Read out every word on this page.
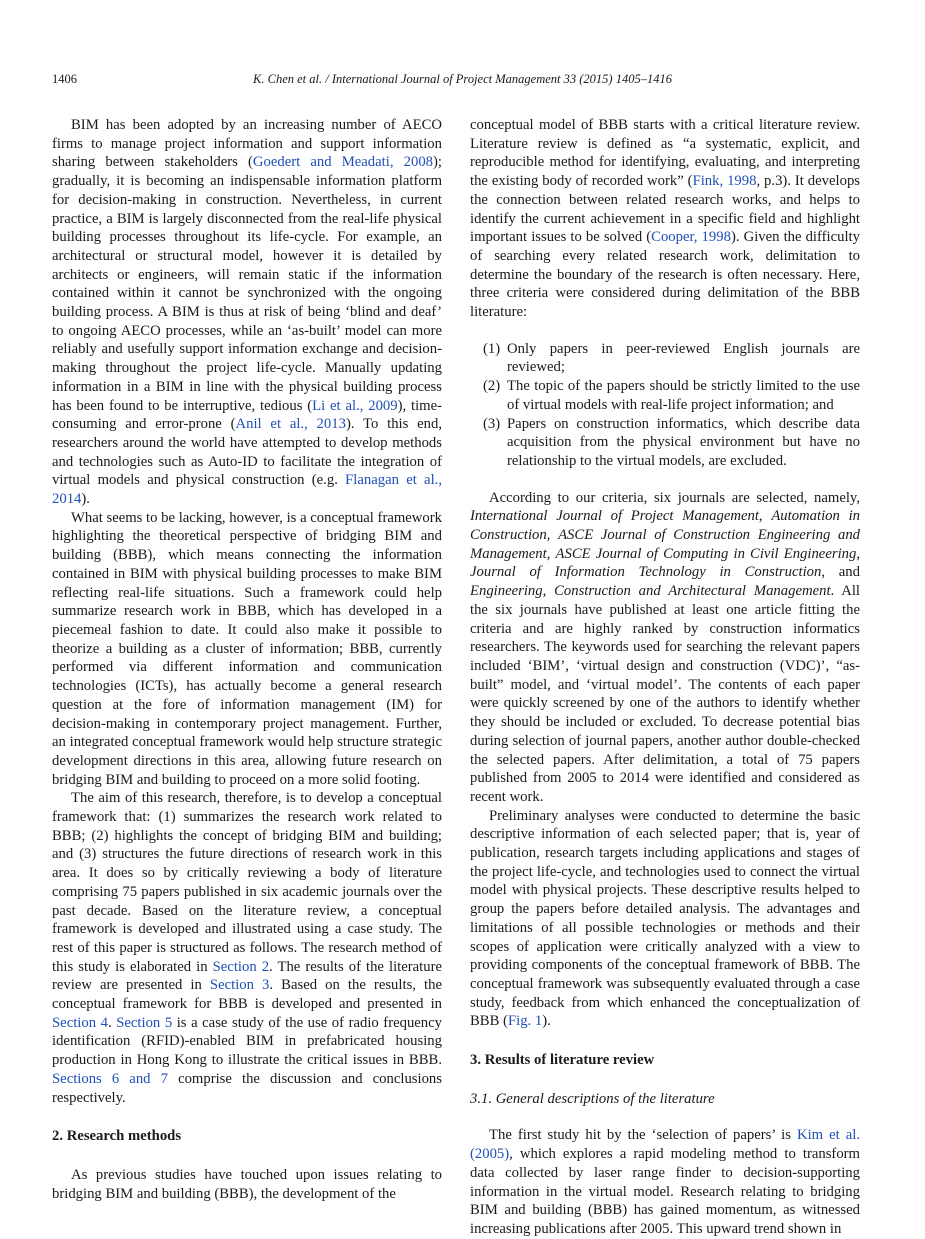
1406	K. Chen et al. / International Journal of Project Management 33 (2015) 1405–1416

BIM has been adopted by an increasing number of AECO firms to manage project information and support information sharing between stakeholders (Goedert and Meadati, 2008); gradually, it is becoming an indispensable information platform for decision-making in construction. Nevertheless, in current practice, a BIM is largely disconnected from the real-life physical building processes throughout its life-cycle. For example, an architectural or structural model, however it is detailed by architects or engineers, will remain static if the information contained within it cannot be synchronized with the ongoing building process. A BIM is thus at risk of being ‘blind and deaf’ to ongoing AECO processes, while an ‘as-built’ model can more reliably and usefully support information exchange and decision-making throughout the project life-cycle. Manually updating information in a BIM in line with the physical building process has been found to be interruptive, tedious (Li et al., 2009), time-consuming and error-prone (Anil et al., 2013). To this end, researchers around the world have attempted to develop methods and technologies such as Auto-ID to facilitate the integration of virtual models and physical construction (e.g. Flanagan et al., 2014).

What seems to be lacking, however, is a conceptual framework highlighting the theoretical perspective of bridging BIM and building (BBB), which means connecting the information contained in BIM with physical building processes to make BIM reflecting real-life situations. Such a framework could help summarize research work in BBB, which has developed in a piecemeal fashion to date. It could also make it possible to theorize a building as a cluster of information; BBB, currently performed via different information and communication technologies (ICTs), has actually become a general research question at the fore of information management (IM) for decision-making in contemporary project management. Further, an integrated conceptual framework would help structure strategic development directions in this area, allowing future research on bridging BIM and building to proceed on a more solid footing.

The aim of this research, therefore, is to develop a conceptual framework that: (1) summarizes the research work related to BBB; (2) highlights the concept of bridging BIM and building; and (3) structures the future directions of research work in this area. It does so by critically reviewing a body of literature comprising 75 papers published in six academic journals over the past decade. Based on the literature review, a conceptual framework is developed and illustrated using a case study. The rest of this paper is structured as follows. The research method of this study is elaborated in Section 2. The results of the literature review are presented in Section 3. Based on the results, the conceptual framework for BBB is developed and presented in Section 4. Section 5 is a case study of the use of radio frequency identification (RFID)-enabled BIM in prefabricated housing production in Hong Kong to illustrate the critical issues in BBB. Sections 6 and 7 comprise the discussion and conclusions respectively.

2. Research methods

As previous studies have touched upon issues relating to bridging BIM and building (BBB), the development of the

conceptual model of BBB starts with a critical literature review. Literature review is defined as “a systematic, explicit, and reproducible method for identifying, evaluating, and interpreting the existing body of recorded work” (Fink, 1998, p.3). It develops the connection between related research works, and helps to identify the current achievement in a specific field and highlight important issues to be solved (Cooper, 1998). Given the difficulty of searching every related research work, delimitation to determine the boundary of the research is often necessary. Here, three criteria were considered during delimitation of the BBB literature:

(1) Only papers in peer-reviewed English journals are reviewed;
(2) The topic of the papers should be strictly limited to the use of virtual models with real-life project information; and
(3) Papers on construction informatics, which describe data acquisition from the physical environment but have no relationship to the virtual models, are excluded.

According to our criteria, six journals are selected, namely, International Journal of Project Management, Automation in Construction, ASCE Journal of Construction Engineering and Management, ASCE Journal of Computing in Civil Engineering, Journal of Information Technology in Construction, and Engineering, Construction and Architectural Management. All the six journals have published at least one article fitting the criteria and are highly ranked by construction informatics researchers. The keywords used for searching the relevant papers included ‘BIM’, ‘virtual design and construction (VDC)’, “as-built” model, and ‘virtual model’. The contents of each paper were quickly screened by one of the authors to identify whether they should be included or excluded. To decrease potential bias during selection of journal papers, another author double-checked the selected papers. After delimitation, a total of 75 papers published from 2005 to 2014 were identified and considered as recent work.

Preliminary analyses were conducted to determine the basic descriptive information of each selected paper; that is, year of publication, research targets including applications and stages of the project life-cycle, and technologies used to connect the virtual model with physical projects. These descriptive results helped to group the papers before detailed analysis. The advantages and limitations of all possible technologies or methods and their scopes of application were critically analyzed with a view to providing components of the conceptual framework of BBB. The conceptual framework was subsequently evaluated through a case study, feedback from which enhanced the conceptualization of BBB (Fig. 1).

3. Results of literature review
3.1. General descriptions of the literature

The first study hit by the ‘selection of papers’ is Kim et al. (2005), which explores a rapid modeling method to transform data collected by laser range finder to decision-supporting information in the virtual model. Research relating to bridging BIM and building (BBB) has gained momentum, as witnessed increasing publications after 2005. This upward trend shown in
